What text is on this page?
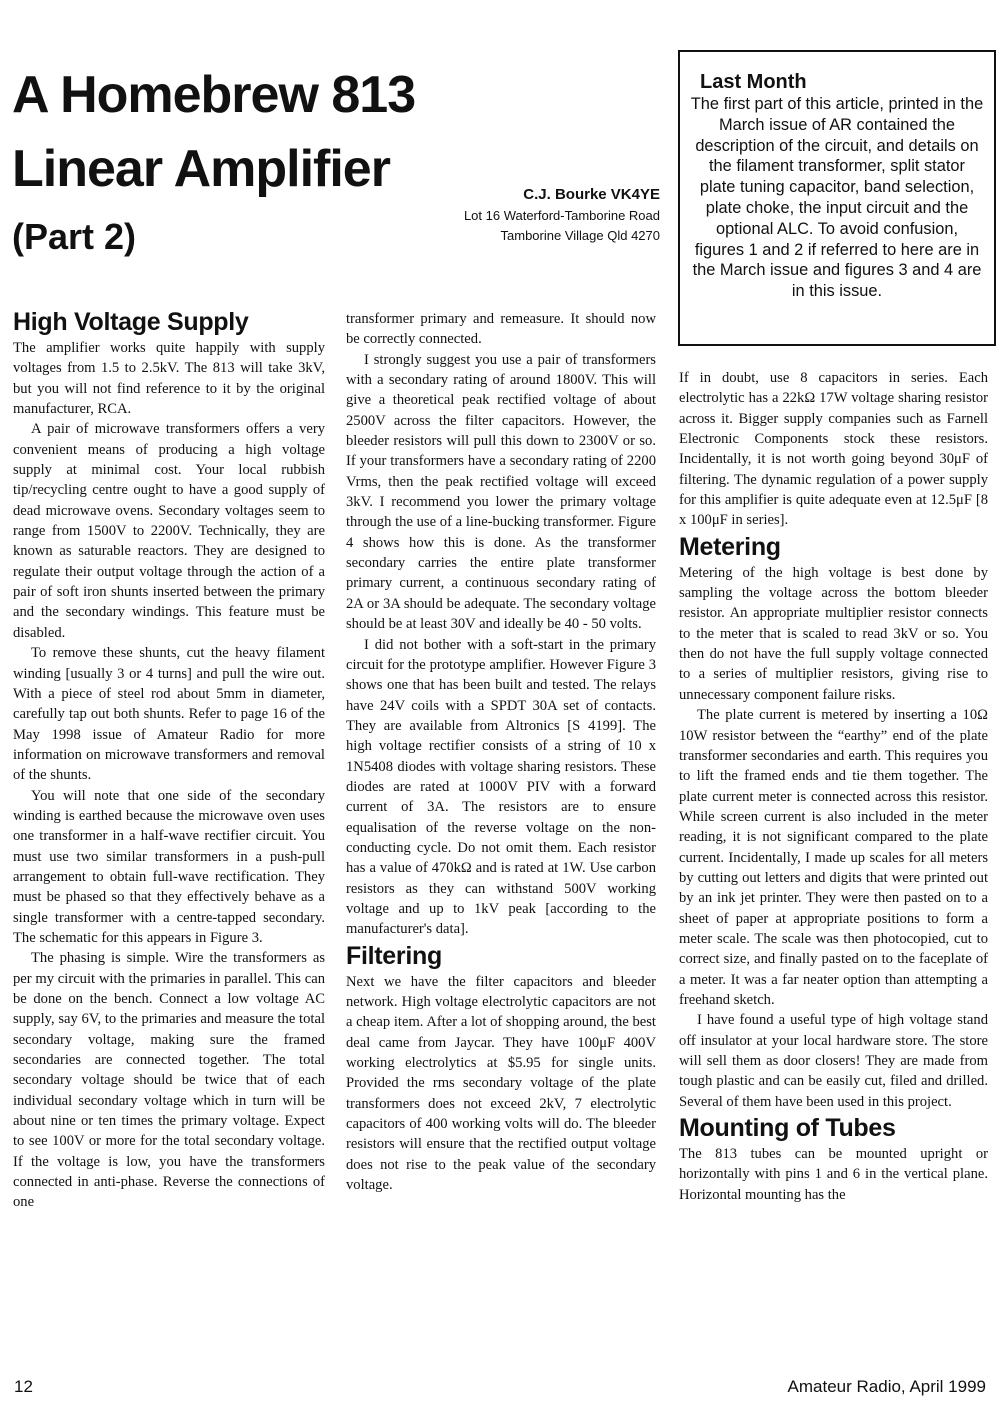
A Homebrew 813
Linear Amplifier
(Part 2)
C.J. Bourke VK4YE
Lot 16 Waterford-Tamborine Road
Tamborine Village Qld 4270
Last Month

The first part of this article, printed in the March issue of AR contained the description of the circuit, and details on the filament transformer, split stator plate tuning capacitor, band selection, plate choke, the input circuit and the optional ALC. To avoid confusion, figures 1 and 2 if referred to here are in the March issue and figures 3 and 4 are in this issue.

High Voltage Supply

The amplifier works quite happily with supply voltages from 1.5 to 2.5kV. The 813 will take 3kV, but you will not find reference to it by the original manufacturer, RCA.

A pair of microwave transformers offers a very convenient means of producing a high voltage supply at minimal cost. Your local rubbish tip/recycling centre ought to have a good supply of dead microwave ovens. Secondary voltages seem to range from 1500V to 2200V. Technically, they are known as saturable reactors. They are designed to regulate their output voltage through the action of a pair of soft iron shunts inserted between the primary and the secondary windings. This feature must be disabled.

To remove these shunts, cut the heavy filament winding [usually 3 or 4 turns] and pull the wire out. With a piece of steel rod about 5mm in diameter, carefully tap out both shunts. Refer to page 16 of the May 1998 issue of Amateur Radio for more information on microwave transformers and removal of the shunts.

You will note that one side of the secondary winding is earthed because the microwave oven uses one transformer in a half-wave rectifier circuit. You must use two similar transformers in a push-pull arrangement to obtain full-wave rectification. They must be phased so that they effectively behave as a single transformer with a centre-tapped secondary. The schematic for this appears in Figure 3.

The phasing is simple. Wire the transformers as per my circuit with the primaries in parallel. This can be done on the bench. Connect a low voltage AC supply, say 6V, to the primaries and measure the total secondary voltage, making sure the framed secondaries are connected together. The total secondary voltage should be twice that of each individual secondary voltage which in turn will be about nine or ten times the primary voltage. Expect to see 100V or more for the total secondary voltage. If the voltage is low, you have the transformers connected in anti-phase. Reverse the connections of one

transformer primary and remeasure. It should now be correctly connected.

I strongly suggest you use a pair of transformers with a secondary rating of around 1800V. This will give a theoretical peak rectified voltage of about 2500V across the filter capacitors. However, the bleeder resistors will pull this down to 2300V or so. If your transformers have a secondary rating of 2200 Vrms, then the peak rectified voltage will exceed 3kV. I recommend you lower the primary voltage through the use of a line-bucking transformer. Figure 4 shows how this is done. As the transformer secondary carries the entire plate transformer primary current, a continuous secondary rating of 2A or 3A should be adequate. The secondary voltage should be at least 30V and ideally be 40 - 50 volts.

I did not bother with a soft-start in the primary circuit for the prototype amplifier. However Figure 3 shows one that has been built and tested. The relays have 24V coils with a SPDT 30A set of contacts. They are available from Altronics [S 4199]. The high voltage rectifier consists of a string of 10 x 1N5408 diodes with voltage sharing resistors. These diodes are rated at 1000V PIV with a forward current of 3A. The resistors are to ensure equalisation of the reverse voltage on the non-conducting cycle. Do not omit them. Each resistor has a value of 470kΩ and is rated at 1W. Use carbon resistors as they can withstand 500V working voltage and up to 1kV peak [according to the manufacturer's data].

Filtering

Next we have the filter capacitors and bleeder network. High voltage electrolytic capacitors are not a cheap item. After a lot of shopping around, the best deal came from Jaycar. They have 100μF 400V working electrolytics at $5.95 for single units. Provided the rms secondary voltage of the plate transformers does not exceed 2kV, 7 electrolytic capacitors of 400 working volts will do. The bleeder resistors will ensure that the rectified output voltage does not rise to the peak value of the secondary voltage.

If in doubt, use 8 capacitors in series. Each electrolytic has a 22kΩ 17W voltage sharing resistor across it. Bigger supply companies such as Farnell Electronic Components stock these resistors. Incidentally, it is not worth going beyond 30μF of filtering. The dynamic regulation of a power supply for this amplifier is quite adequate even at 12.5μF [8 x 100μF in series].

Metering

Metering of the high voltage is best done by sampling the voltage across the bottom bleeder resistor. An appropriate multiplier resistor connects to the meter that is scaled to read 3kV or so. You then do not have the full supply voltage connected to a series of multiplier resistors, giving rise to unnecessary component failure risks.

The plate current is metered by inserting a 10Ω 10W resistor between the “earthy” end of the plate transformer secondaries and earth. This requires you to lift the framed ends and tie them together. The plate current meter is connected across this resistor. While screen current is also included in the meter reading, it is not significant compared to the plate current. Incidentally, I made up scales for all meters by cutting out letters and digits that were printed out by an ink jet printer. They were then pasted on to a sheet of paper at appropriate positions to form a meter scale. The scale was then photocopied, cut to correct size, and finally pasted on to the faceplate of a meter. It was a far neater option than attempting a freehand sketch.

I have found a useful type of high voltage stand off insulator at your local hardware store. The store will sell them as door closers! They are made from tough plastic and can be easily cut, filed and drilled. Several of them have been used in this project.

Mounting of Tubes

The 813 tubes can be mounted upright or horizontally with pins 1 and 6 in the vertical plane. Horizontal mounting has the

12	Amateur Radio, April 1999
